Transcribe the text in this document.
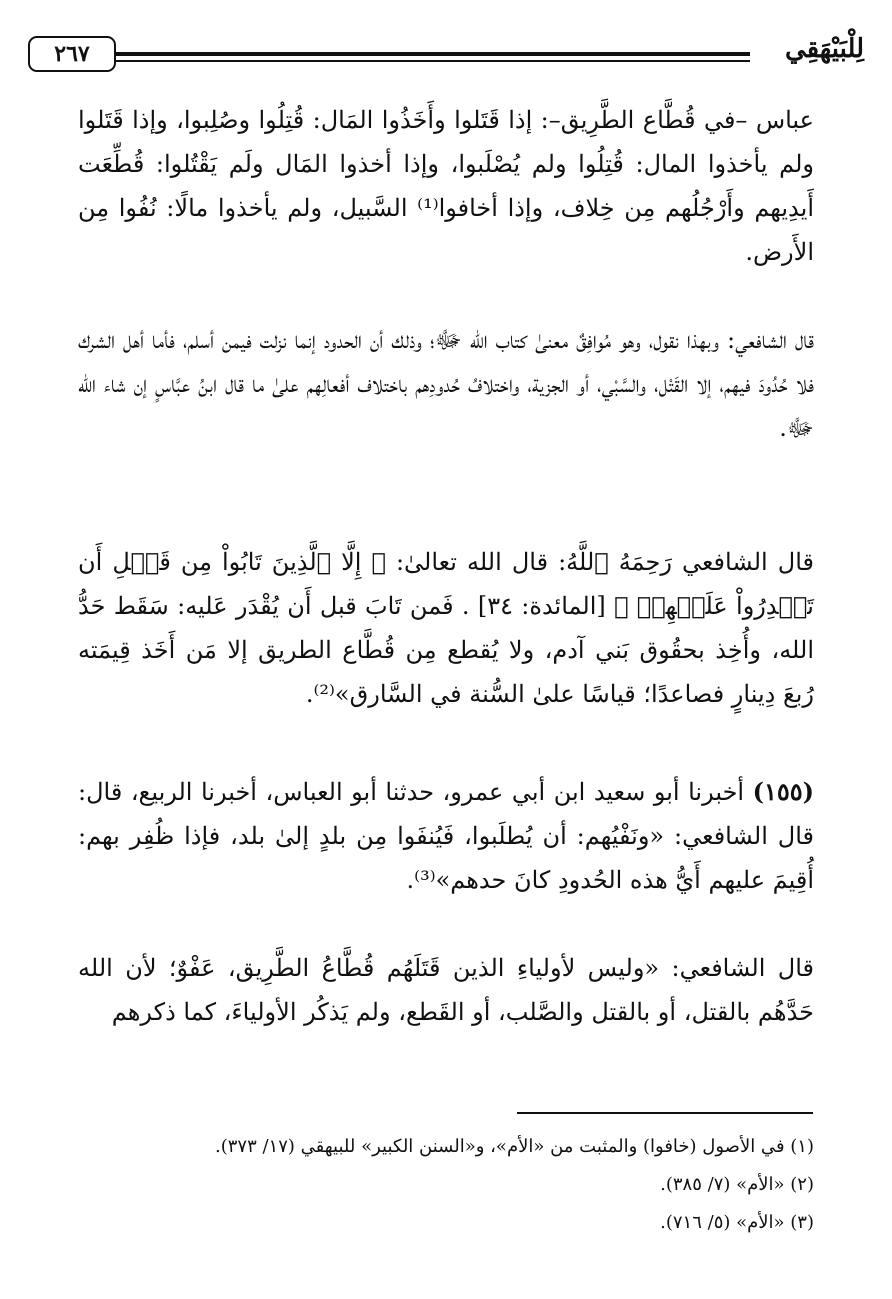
٢٦٧	لِلْبَيْهَقِي

عباس –في قُطَّاع الطَّرِيق–: إذا قَتَلوا وأَخَذُوا المَال: قُتِلُوا وصُلِبوا، وإذا قَتَلوا ولم يأخذوا المال: قُتِلُوا ولم يُصْلَبوا، وإذا أخذوا المَال ولَم يَقْتُلوا: قُطِّعَت أَيدِيهم وأَرْجُلُهم مِن خِلاف، وإذا أخافوا⁽¹⁾ السَّبيل، ولم يأخذوا مالًا: نُفُوا مِن الأَرض.

قال الشافعي: وبهذا نقول، وهو مُوافِقٌ معنىٰ كتاب الله ﷻ؛ وذلك أن الحدود إنما نزلت فيمن أسلم، فأما أهل الشرك فلا حُدُودَ فيهم، إلا القَتْل، والسَّبْي، أو الجزية، واختلافُ حُدودِهم باختلاف أفعالِهم علىٰ ما قال ابنُ عبَّاسٍ إن شاء الله ﷻ.

قال الشافعي رَحِمَهُ ٱللَّهُ: قال الله تعالىٰ: ﴿ إِلَّا ٱلَّذِينَ تَابُواْ مِن قَبۡلِ أَن تَقۡدِرُواْ عَلَيۡهِمۡ ﴾ [المائدة: ٣٤] . فَمن تَابَ قبل أَن يُقْدَر عَليه: سَقَط حَدُّ الله، وأُخِذ بحقُوق بَني آدم، ولا يُقطع مِن قُطَّاع الطريق إلا مَن أَخَذ قِيمَته رُبعَ دِينارٍ فصاعدًا؛ قياسًا علىٰ السُّنة في السَّارق»⁽²⁾.

(١٥٥) أخبرنا أبو سعيد ابن أبي عمرو، حدثنا أبو العباس، أخبرنا الربيع، قال: قال الشافعي: «ونَفْيُهم: أن يُطلَبوا، فَيُنفَوا مِن بلدٍ إلىٰ بلد، فإذا ظُفِر بهم: أُقِيمَ عليهم أَيُّ هذه الحُدودِ كانَ حدهم»⁽³⁾.

قال الشافعي: «وليس لأولياءِ الذين قَتَلَهُم قُطَّاعُ الطَّرِيق، عَفْوٌ؛ لأن الله حَدَّهُم بالقتل، أو بالقتل والصَّلب، أو القَطع، ولم يَذكُر الأولياءَ، كما ذكرهم

(١) في الأصول (خافوا) والمثبت من «الأم»، و«السنن الكبير» للبيهقي (١٧/ ٣٧٣).

(٢) «الأم» (٧/ ٣٨٥).

(٣) «الأم» (٥/ ٧١٦).
